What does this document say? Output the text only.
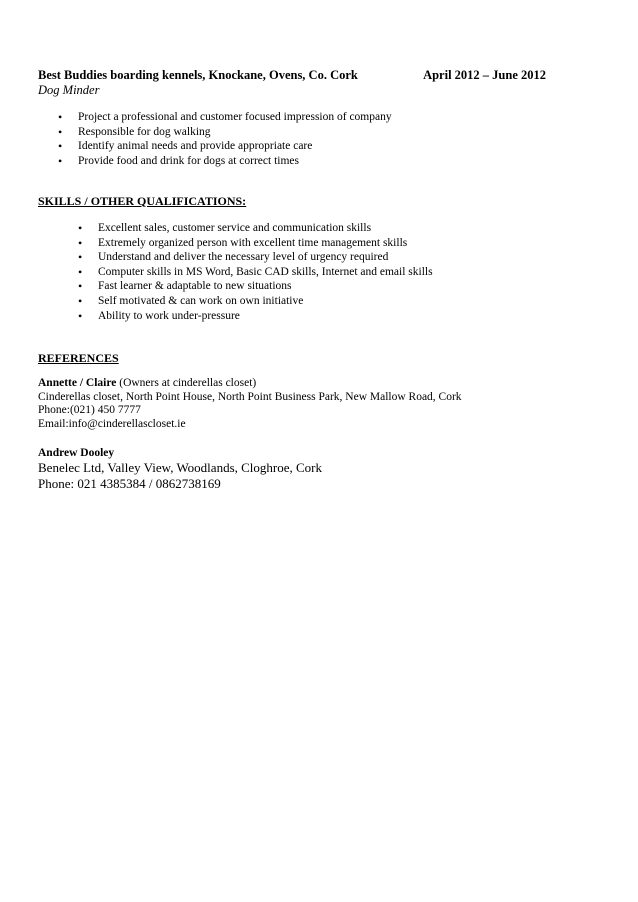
Best Buddies boarding kennels, Knockane, Ovens, Co. Cork	April 2012 – June 2012
Dog Minder
• Project a professional and customer focused impression of company
• Responsible for dog walking
• Identify animal needs and provide appropriate care
• Provide food and drink for dogs at correct times
SKILLS / OTHER QUALIFICATIONS:
• Excellent sales, customer service and communication skills
• Extremely organized person with excellent time management skills
• Understand and deliver the necessary level of urgency required
• Computer skills in MS Word, Basic CAD skills, Internet and email skills
• Fast learner & adaptable to new situations
• Self motivated & can work on own initiative
• Ability to work under-pressure
REFERENCES
Annette / Claire (Owners at cinderellas closet)
Cinderellas closet, North Point House, North Point Business Park, New Mallow Road, Cork
Phone:(021) 450 7777
Email:info@cinderellascloset.ie
Andrew Dooley
Benelec Ltd, Valley View, Woodlands, Cloghroe, Cork
Phone: 021 4385384 / 0862738169
